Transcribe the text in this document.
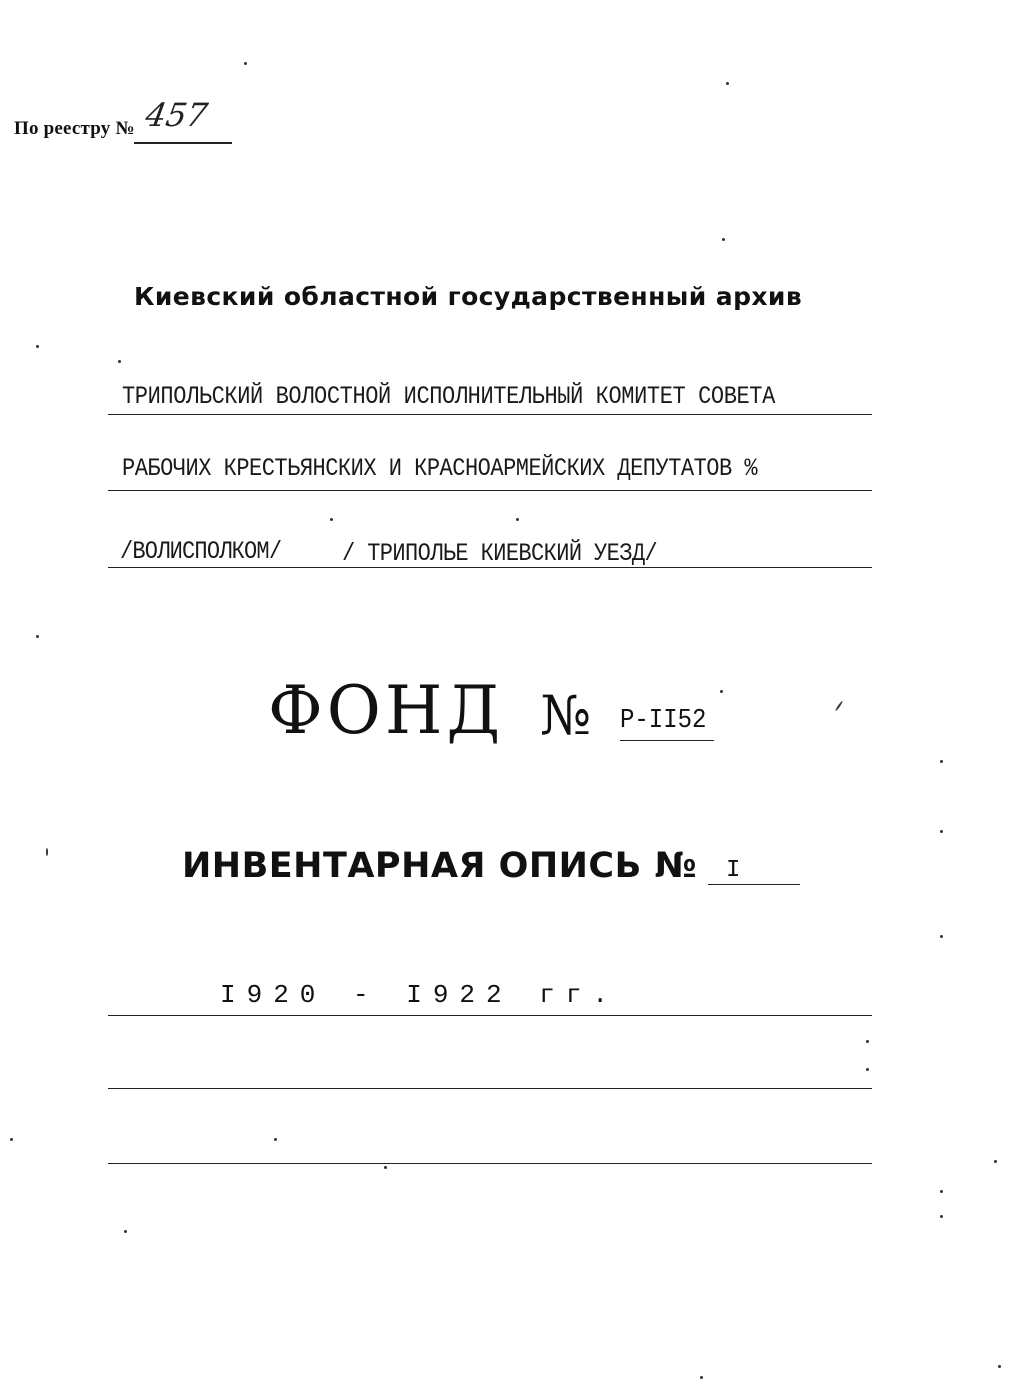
По реестру № 457
Киевский областной государственный архив
ТРИПОЛЬСКИЙ ВОЛОСТНОЙ ИСПОЛНИТЕЛЬНЫЙ КОМИТЕТ СОВЕТА
РАБОЧИХ КРЕСТЬЯНСКИХ И КРАСНОАРМЕЙСКИХ ДЕПУТАТОВ %
/ВОЛИСПОЛКОМ/	/ ТРИПОЛЬЕ КИЕВСКИЙ УЕЗД/
ФОНД № Р-II52
ИНВЕНТАРНАЯ ОПИСЬ № I
I920 - I922 гг.
